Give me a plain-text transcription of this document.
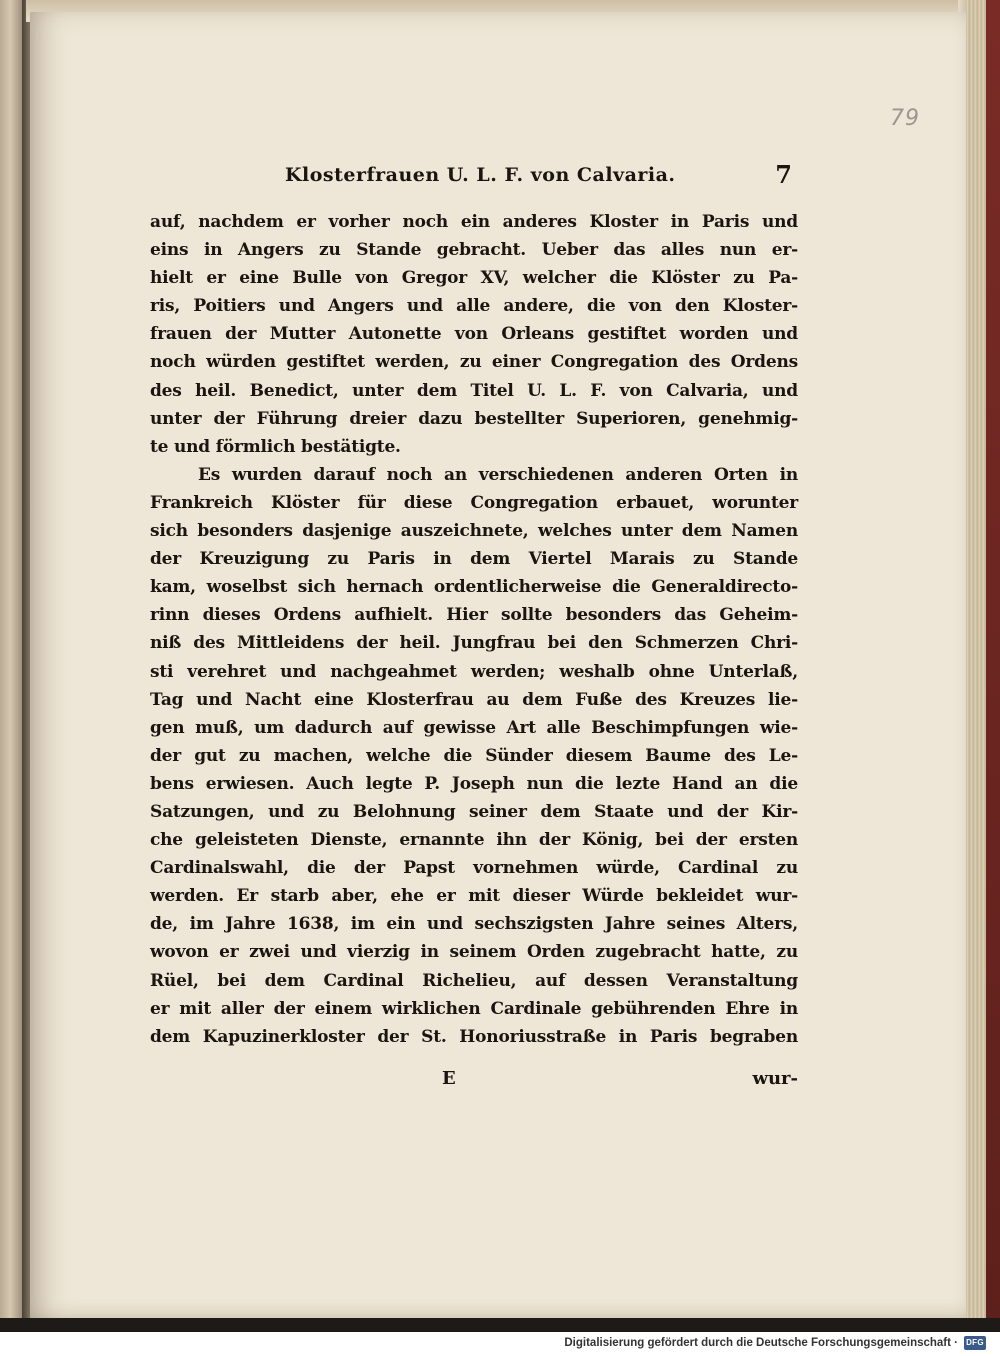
79
Klosterfrauen U. L. F. von Calvaria.	7
auf, nachdem er vorher noch ein anderes Kloster in Paris und
eins in Angers zu Stande gebracht. Ueber das alles nun er-
hielt er eine Bulle von Gregor XV, welcher die Klöster zu Pa-
ris, Poitiers und Angers und alle andere, die von den Kloster-
frauen der Mutter Autonette von Orleans gestiftet worden und
noch würden gestiftet werden, zu einer Congregation des Ordens
des heil. Benedict, unter dem Titel U. L. F. von Calvaria, und
unter der Führung dreier dazu bestellter Superioren, genehmig-
te und förmlich bestätigte.
Es wurden darauf noch an verschiedenen anderen Orten in
Frankreich Klöster für diese Congregation erbauet, worunter
sich besonders dasjenige auszeichnete, welches unter dem Namen
der Kreuzigung zu Paris in dem Viertel Marais zu Stande
kam, woselbst sich hernach ordentlicherweise die Generaldirecto-
rinn dieses Ordens aufhielt. Hier sollte besonders das Geheim-
niß des Mittleidens der heil. Jungfrau bei den Schmerzen Chri-
sti verehret und nachgeahmet werden; weshalb ohne Unterlaß,
Tag und Nacht eine Klosterfrau au dem Fuße des Kreuzes lie-
gen muß, um dadurch auf gewisse Art alle Beschimpfungen wie-
der gut zu machen, welche die Sünder diesem Baume des Le-
bens erwiesen. Auch legte P. Joseph nun die lezte Hand an die
Satzungen, und zu Belohnung seiner dem Staate und der Kir-
che geleisteten Dienste, ernannte ihn der König, bei der ersten
Cardinalswahl, die der Papst vornehmen würde, Cardinal zu
werden. Er starb aber, ehe er mit dieser Würde bekleidet wur-
de, im Jahre 1638, im ein und sechszigsten Jahre seines Alters,
wovon er zwei und vierzig in seinem Orden zugebracht hatte, zu
Rüel, bei dem Cardinal Richelieu, auf dessen Veranstaltung
er mit aller der einem wirklichen Cardinale gebührenden Ehre in
dem Kapuzinerkloster der St. Honoriusstraße in Paris begraben
E	wur-
Digitalisierung gefördert durch die Deutsche Forschungsgemeinschaft · DFG
